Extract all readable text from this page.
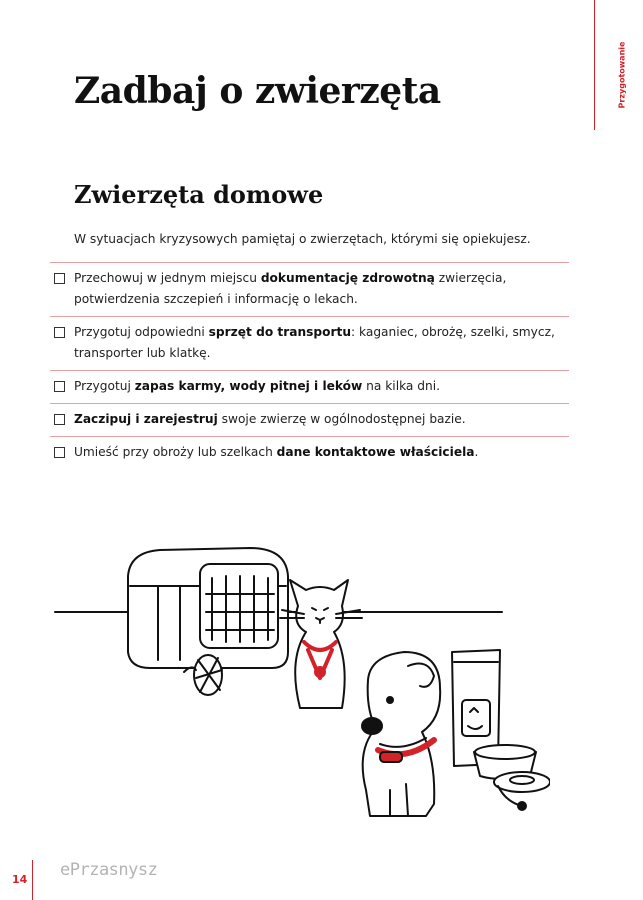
Przygotowanie
Zadbaj o zwierzęta
Zwierzęta domowe

W sytuacjach kryzysowych pamiętaj o zwierzętach, którymi się opiekujesz.

Przechowuj w jednym miejscu dokumentację zdrowotną zwierzęcia, potwierdzenia szczepień i informację o lekach.
Przygotuj odpowiedni sprzęt do transportu: kaganiec, obrożę, szelki, smycz, transporter lub klatkę.
Przygotuj zapas karmy, wody pitnej i leków na kilka dni.
Zaczipuj i zarejestruj swoje zwierzę w ogólnodostępnej bazie.
Umieść przy obroży lub szelkach dane kontaktowe właściciela.
14 ePrzasnysz
